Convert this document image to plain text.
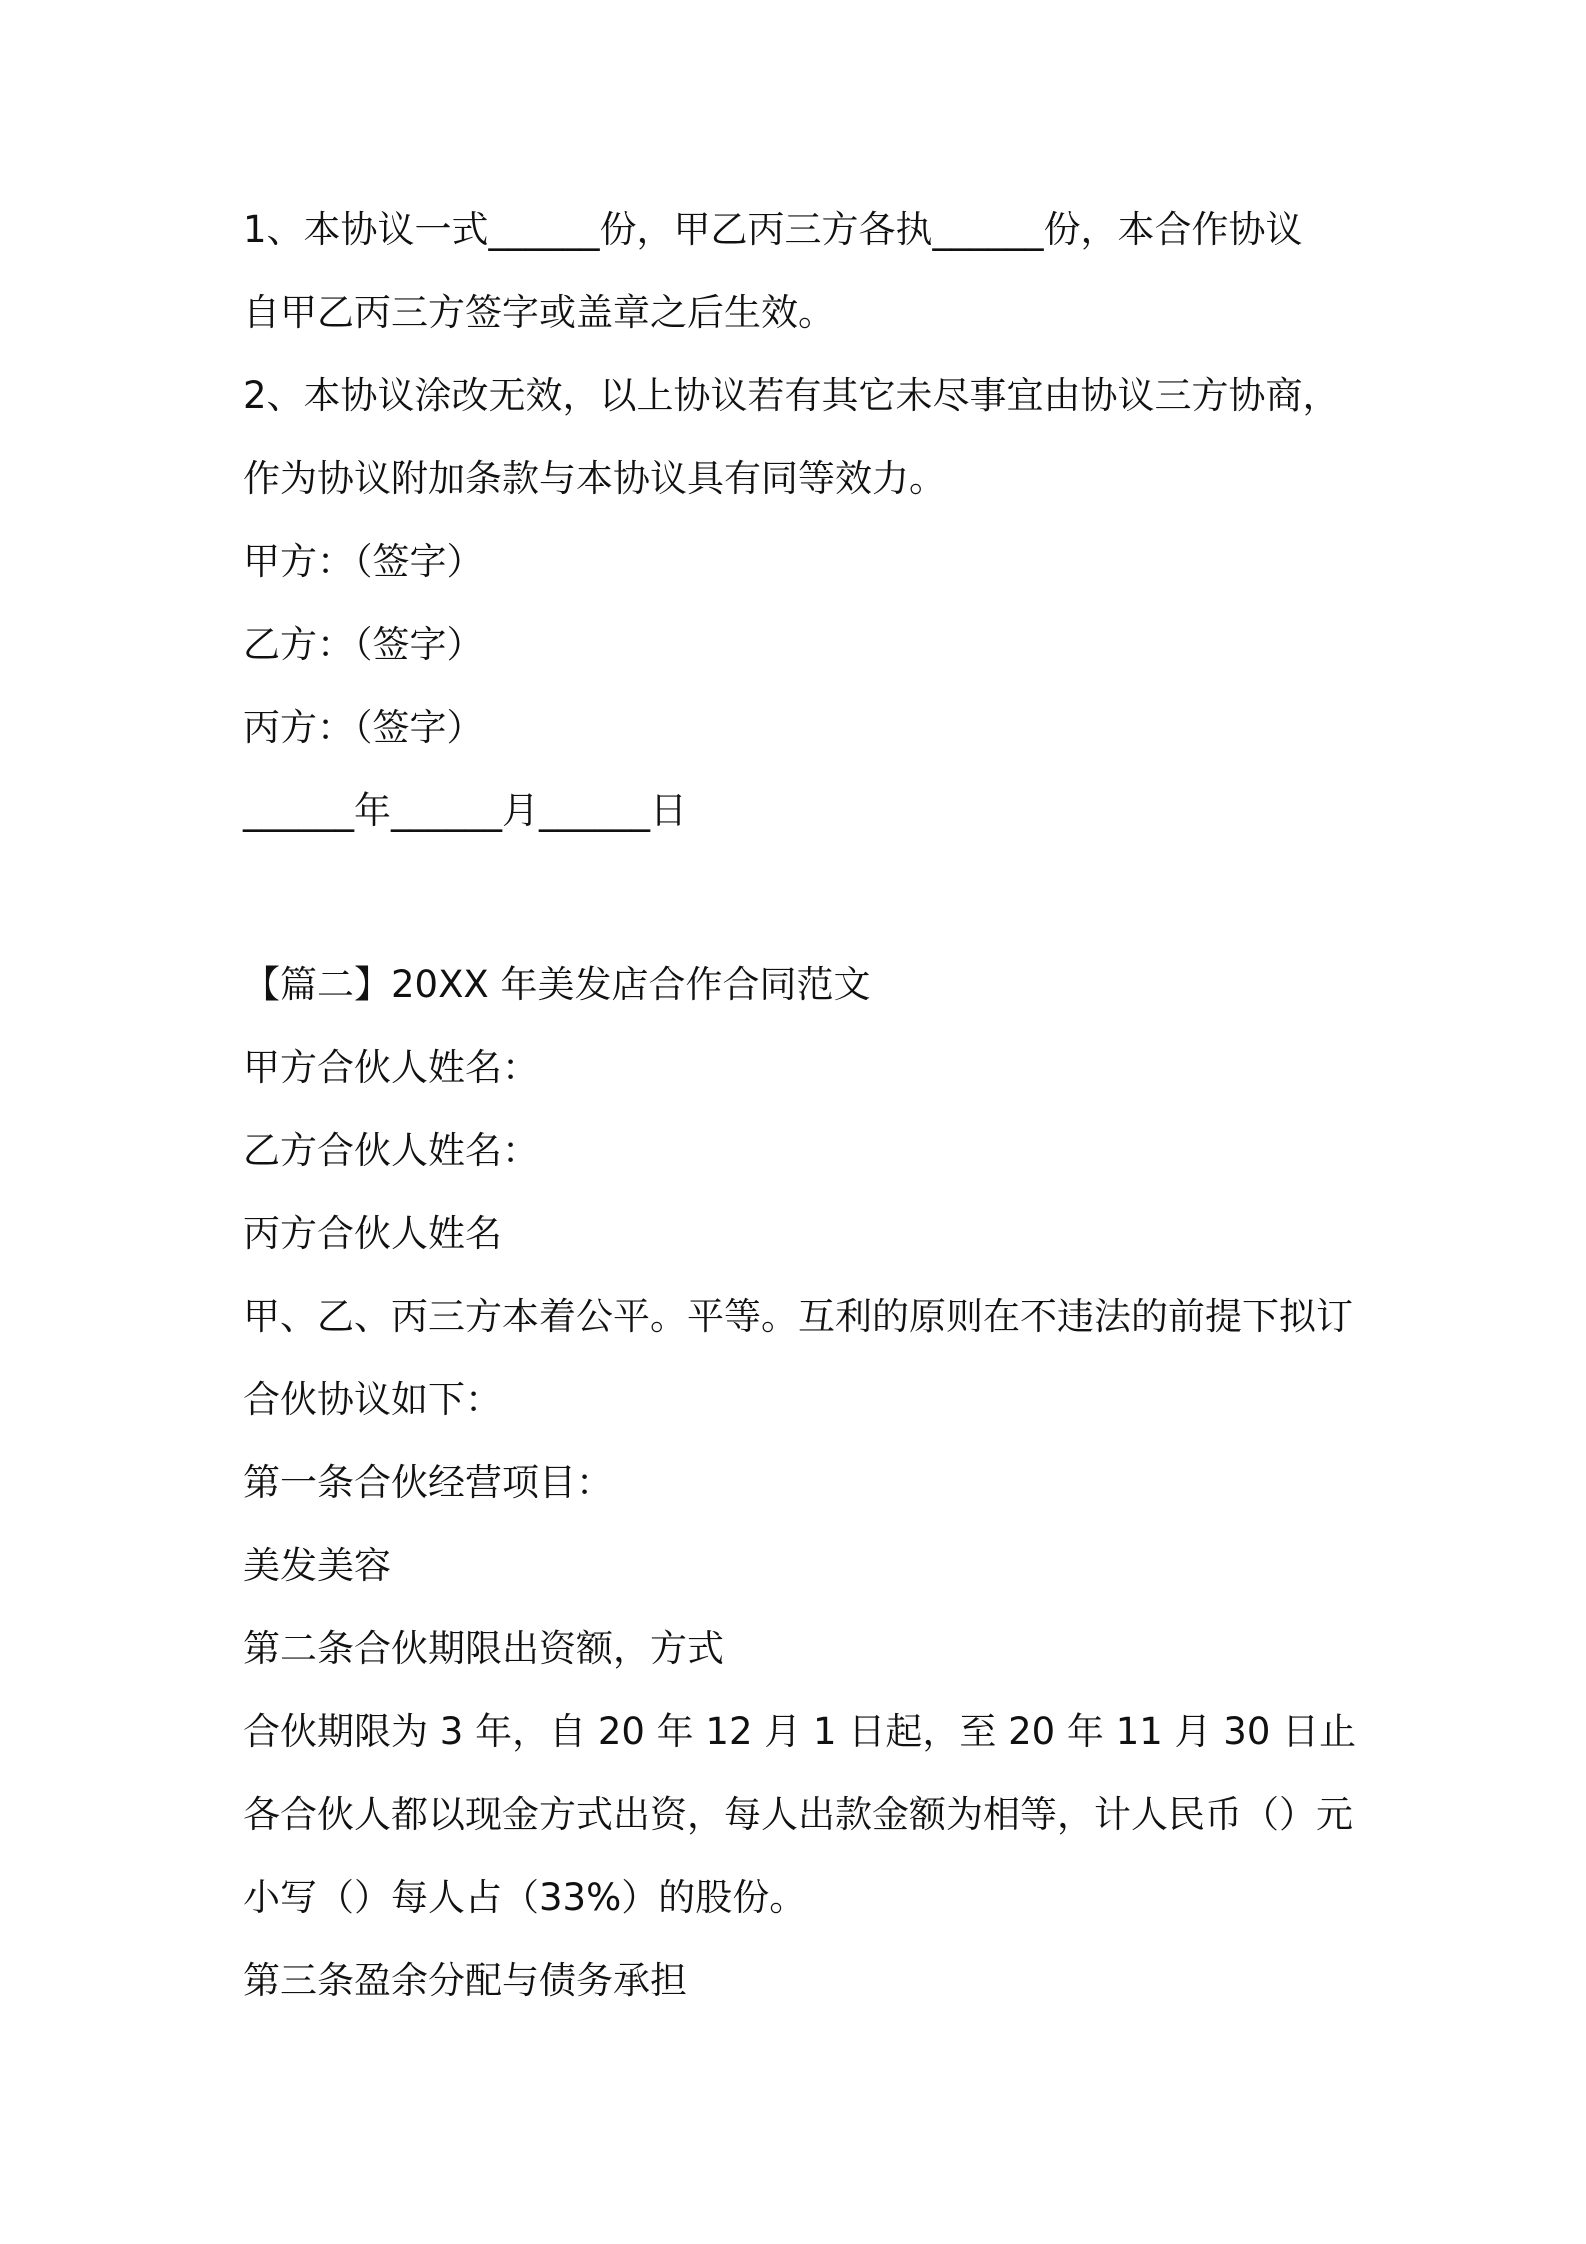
1、本协议一式______份，甲乙丙三方各执______份，本合作协议
自甲乙丙三方签字或盖章之后生效。
2、本协议涂改无效，以上协议若有其它未尽事宜由协议三方协商，
作为协议附加条款与本协议具有同等效力。
甲方：（签字）
乙方：（签字）
丙方：（签字）
______年______月______日
【篇二】20XX 年美发店合作合同范文
甲方合伙人姓名：
乙方合伙人姓名：
丙方合伙人姓名
甲、乙、丙三方本着公平。平等。互利的原则在不违法的前提下拟订
合伙协议如下：
第一条合伙经营项目：
美发美容
第二条合伙期限出资额，方式
合伙期限为 3 年，自 20 年 12 月 1 日起，至 20 年 11 月 30 日止
各合伙人都以现金方式出资，每人出款金额为相等，计人民币（）元
小写（）每人占（33%）的股份。
第三条盈余分配与债务承担
